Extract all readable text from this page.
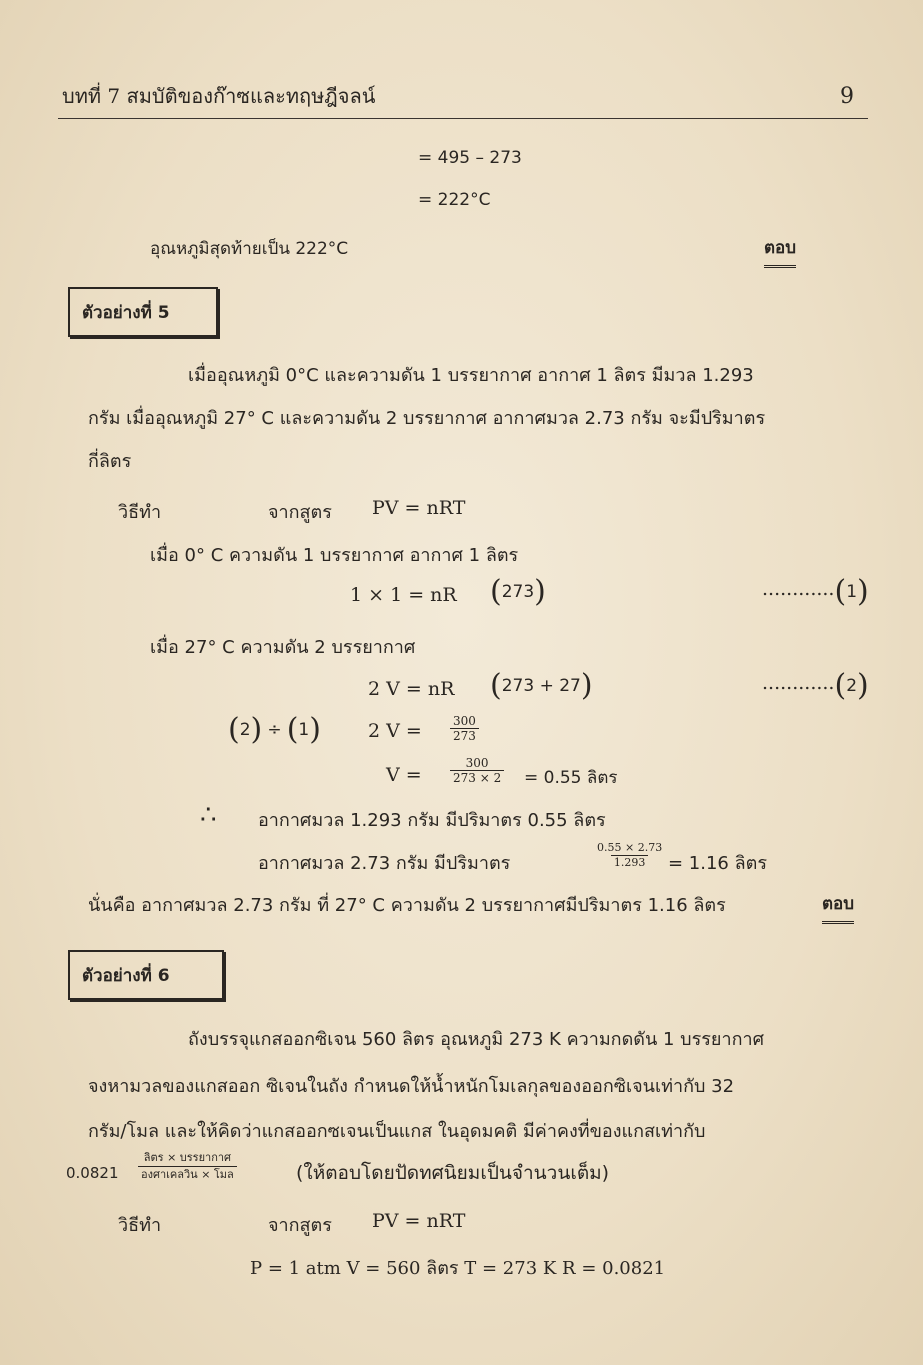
บทที่ 7 สมบัติของก๊าซและทฤษฎีจลน์	9
= 495 – 273
= 222°C
อุณหภูมิสุดท้ายเป็น 222°C	ตอบ
ตัวอย่างที่ 5
เมื่ออุณหภูมิ 0°C และความดัน 1 บรรยากาศ อากาศ 1 ลิตร มีมวล 1.293
กรัม เมื่ออุณหภูมิ 27° C และความดัน 2 บรรยากาศ อากาศมวล 2.73 กรัม จะมีปริมาตร
กี่ลิตร
วิธีทำ	จากสูตร PV = nRT
เมื่อ 0° C ความดัน 1 บรรยากาศ อากาศ 1 ลิตร
1 × 1 = nR (273)	............(1)
เมื่อ 27° C ความดัน 2 บรรยากาศ
2 V = nR (273 + 27)	............(2)
(2) ÷ (1) 2 $V = \frac{300}{273}$
$V = \frac{300}{273 \times 2} = 0.55$ ลิตร
∴ อากาศมวล 1.293 กรัม มีปริมาตร 0.55 ลิตร
อากาศมวล 2.73 กรัม มีปริมาตร	$\frac{0.55 \times 2.73}{1.293} = 1.16$ ลิตร
นั่นคือ อากาศมวล 2.73 กรัม ที่ 27° C ความดัน 2 บรรยากาศมีปริมาตร 1.16 ลิตร	ตอบ
ตัวอย่างที่ 6
ถังบรรจุแกสออกซิเจน 560 ลิตร อุณหภูมิ 273 K ความกดดัน 1 บรรยากาศ
จงหามวลของแกสออก ซิเจนในถัง กำหนดให้น้ำหนักโมเลกุลของออกซิเจนเท่ากับ 32
กรัม/โมล และให้คิดว่าแกสออกซเจนเป็นแกส ในอุดมคติ มีค่าคงที่ของแกสเท่ากับ
0.0821
ลิตร × บรรยากาศ
องศาเคลวิน × โมล	(ให้ตอบโดยปัดทศนิยมเป็นจำนวนเต็ม)
วิธีทำ	จากสูตร PV = nRT
P = 1 atm V = 560 ลิตร T = 273 K R = 0.0821
